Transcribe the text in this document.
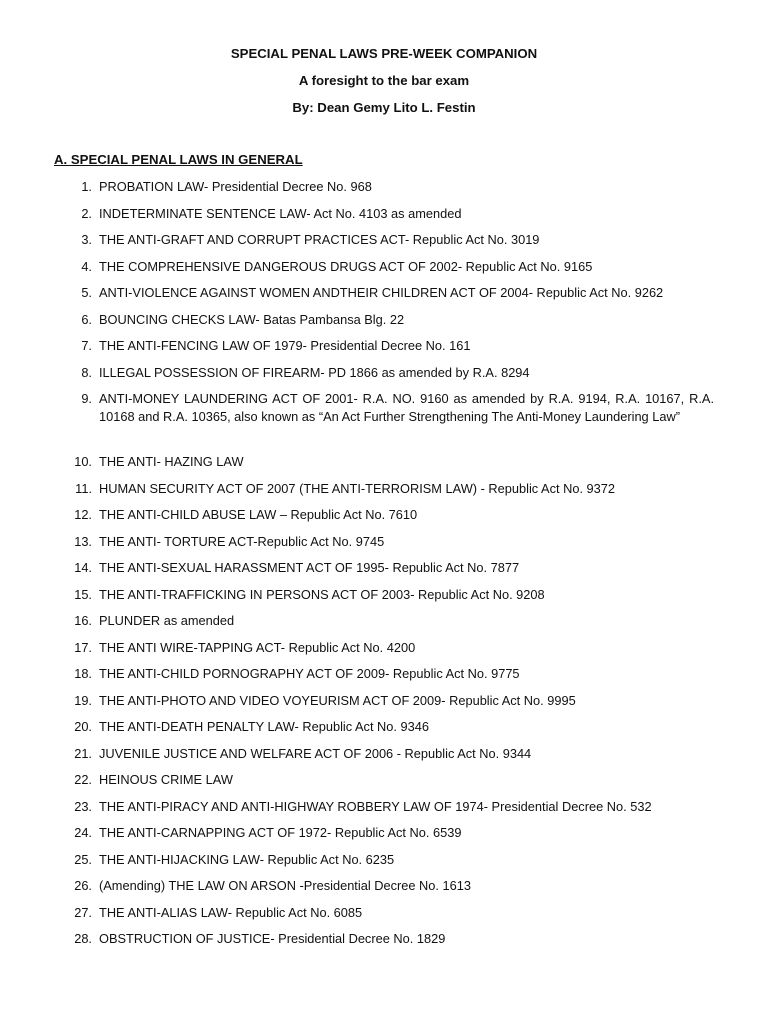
SPECIAL PENAL LAWS PRE-WEEK COMPANION
A foresight to the bar exam
By: Dean Gemy Lito L. Festin
A. SPECIAL PENAL LAWS IN GENERAL
1. PROBATION LAW- Presidential Decree No. 968
2. INDETERMINATE SENTENCE LAW- Act No. 4103 as amended
3. THE ANTI-GRAFT AND CORRUPT PRACTICES ACT- Republic Act No. 3019
4. THE COMPREHENSIVE DANGEROUS DRUGS ACT OF 2002- Republic Act No. 9165
5. ANTI-VIOLENCE AGAINST WOMEN ANDTHEIR CHILDREN ACT OF 2004- Republic Act No. 9262
6. BOUNCING CHECKS LAW- Batas Pambansa Blg. 22
7. THE ANTI-FENCING LAW OF 1979- Presidential Decree No. 161
8. ILLEGAL POSSESSION OF FIREARM- PD 1866 as amended by R.A. 8294
9. ANTI-MONEY LAUNDERING ACT OF 2001- R.A. NO. 9160 as amended by R.A. 9194, R.A. 10167, R.A. 10168 and R.A. 10365, also known as “An Act Further Strengthening The Anti-Money Laundering Law”
10. THE ANTI- HAZING LAW
11. HUMAN SECURITY ACT OF 2007 (THE ANTI-TERRORISM LAW) - Republic Act No. 9372
12. THE ANTI-CHILD ABUSE LAW – Republic Act No. 7610
13. THE ANTI- TORTURE ACT-Republic Act No. 9745
14. THE ANTI-SEXUAL HARASSMENT ACT OF 1995- Republic Act No. 7877
15. THE ANTI-TRAFFICKING IN PERSONS ACT OF 2003- Republic Act No. 9208
16. PLUNDER as amended
17. THE ANTI WIRE-TAPPING ACT- Republic Act No. 4200
18. THE ANTI-CHILD PORNOGRAPHY ACT OF 2009- Republic Act No. 9775
19. THE ANTI-PHOTO AND VIDEO VOYEURISM ACT OF 2009- Republic Act No. 9995
20. THE ANTI-DEATH PENALTY LAW- Republic Act No. 9346
21. JUVENILE JUSTICE AND WELFARE ACT OF 2006 - Republic Act No. 9344
22. HEINOUS CRIME LAW
23. THE ANTI-PIRACY AND ANTI-HIGHWAY ROBBERY LAW OF 1974- Presidential Decree No. 532
24. THE ANTI-CARNAPPING ACT OF 1972- Republic Act No. 6539
25. THE ANTI-HIJACKING LAW- Republic Act No. 6235
26. (Amending) THE LAW ON ARSON -Presidential Decree No. 1613
27. THE ANTI-ALIAS LAW- Republic Act No. 6085
28. OBSTRUCTION OF JUSTICE- Presidential Decree No. 1829
